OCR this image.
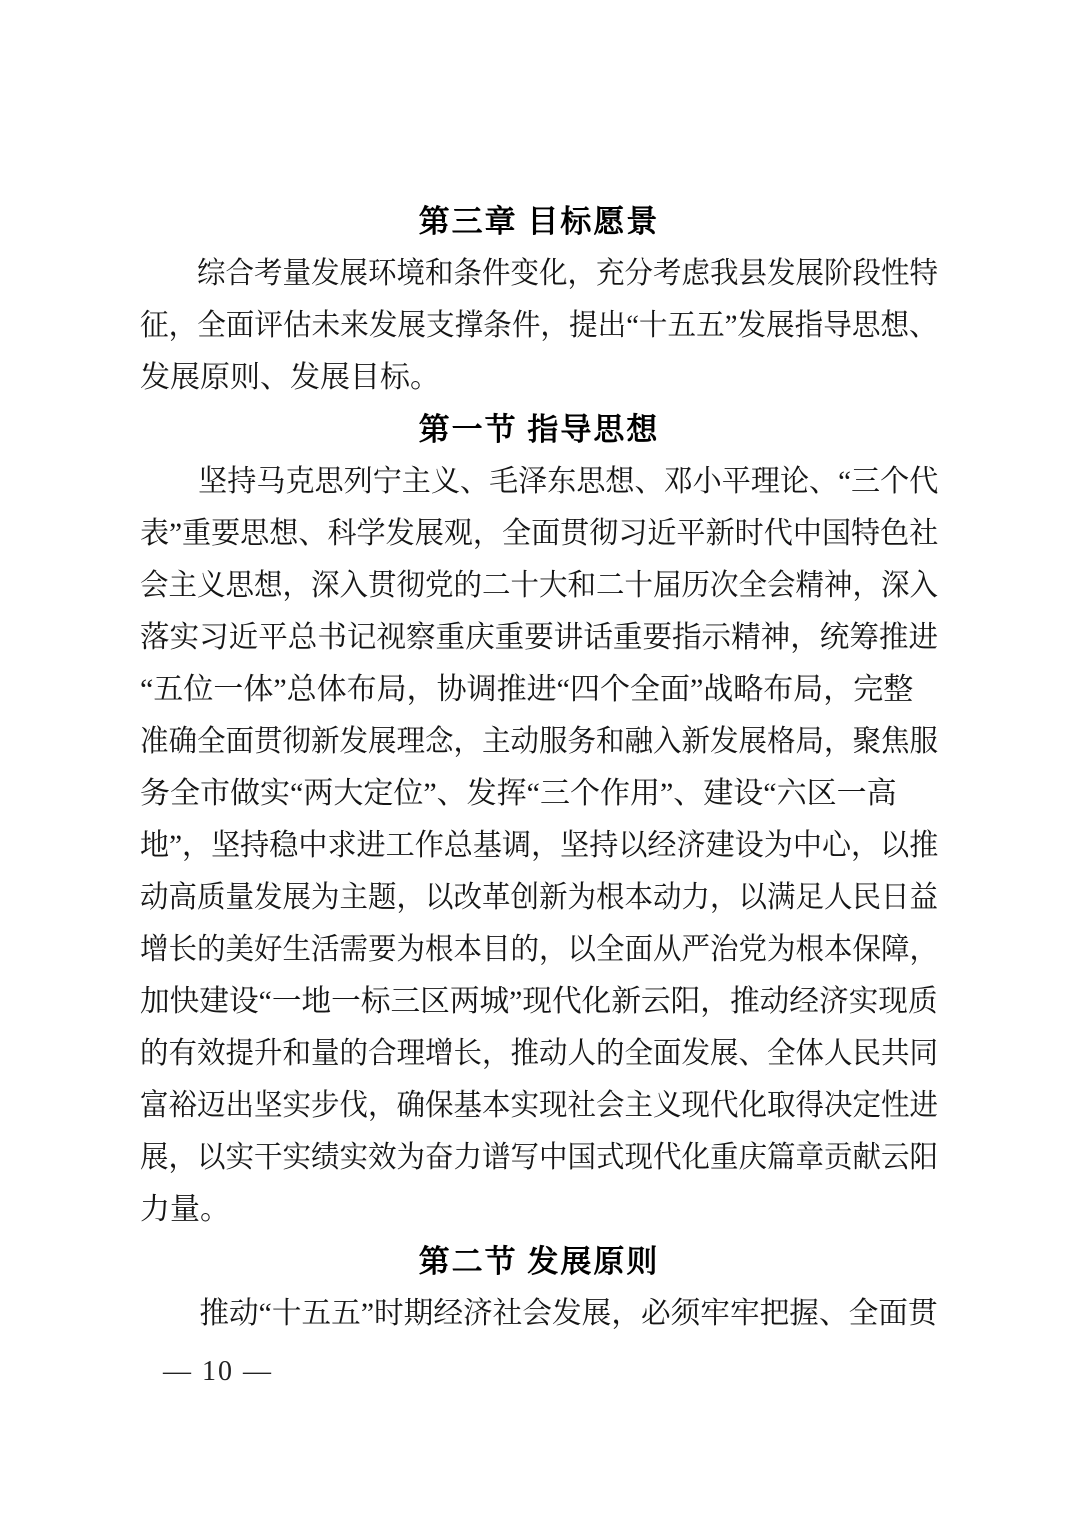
第三章 目标愿景
综合考量发展环境和条件变化，充分考虑我县发展阶段性特
征，全面评估未来发展支撑条件，提出“十五五”发展指导思想、
发展原则、发展目标。
第一节 指导思想
坚持马克思列宁主义、毛泽东思想、邓小平理论、“三个代
表”重要思想、科学发展观，全面贯彻习近平新时代中国特色社
会主义思想，深入贯彻党的二十大和二十届历次全会精神，深入
落实习近平总书记视察重庆重要讲话重要指示精神，统筹推进
“五位一体”总体布局，协调推进“四个全面”战略布局，完整
准确全面贯彻新发展理念，主动服务和融入新发展格局，聚焦服
务全市做实“两大定位”、发挥“三个作用”、建设“六区一高
地”，坚持稳中求进工作总基调，坚持以经济建设为中心，以推
动高质量发展为主题，以改革创新为根本动力，以满足人民日益
增长的美好生活需要为根本目的，以全面从严治党为根本保障，
加快建设“一地一标三区两城”现代化新云阳，推动经济实现质
的有效提升和量的合理增长，推动人的全面发展、全体人民共同
富裕迈出坚实步伐，确保基本实现社会主义现代化取得决定性进
展，以实干实绩实效为奋力谱写中国式现代化重庆篇章贡献云阳
力量。
第二节 发展原则
推动“十五五”时期经济社会发展，必须牢牢把握、全面贯
— 10 —
